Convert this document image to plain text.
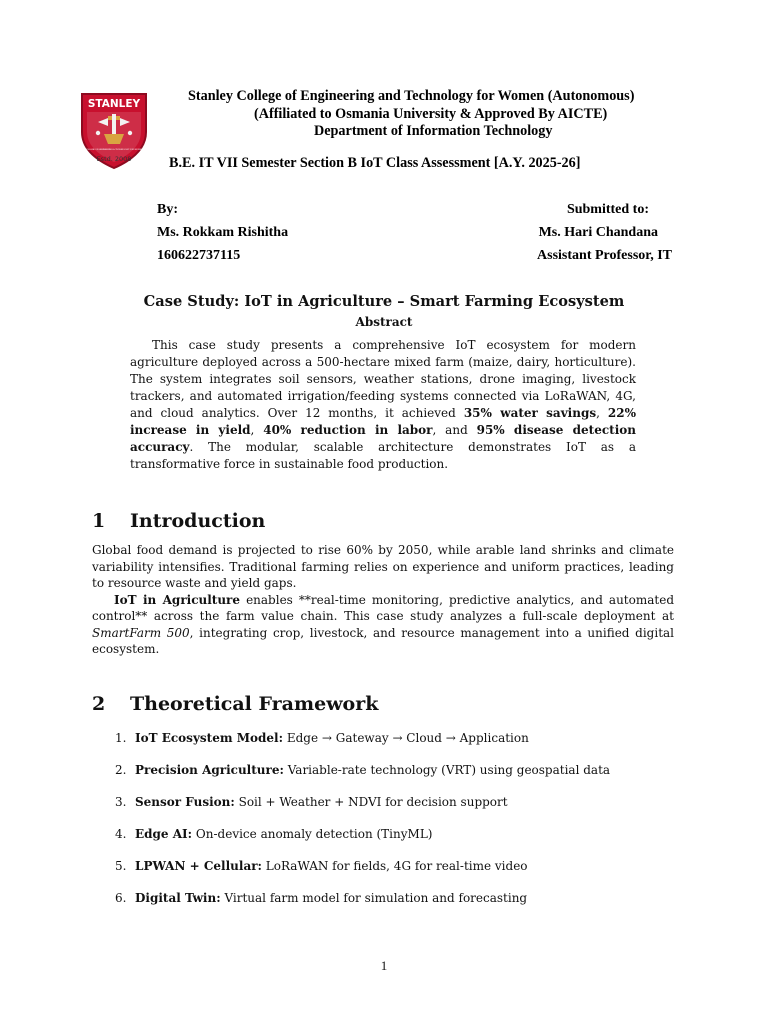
STANLEY
COLLEGE OF ENGINEERING & TECHNOLOGY FOR WOMEN
Estd. 2008
Stanley College of Engineering and Technology for Women (Autonomous)
(Affiliated to Osmania University & Approved By AICTE)
Department of Information Technology
B.E. IT VII Semester Section B IoT Class Assessment [A.Y. 2025-26]
By:
Ms. Rokkam Rishitha
160622737115
Submitted to:
Ms. Hari Chandana
Assistant Professor, IT
Case Study: IoT in Agriculture – Smart Farming Ecosystem
Abstract

This case study presents a comprehensive IoT ecosystem for modern agriculture deployed across a 500-hectare mixed farm (maize, dairy, horticulture). The system integrates soil sensors, weather stations, drone imaging, livestock trackers, and automated irrigation/feeding systems connected via LoRaWAN, 4G, and cloud analytics. Over 12 months, it achieved 35% water savings, 22% increase in yield, 40% reduction in labor, and 95% disease detection accuracy. The modular, scalable architecture demonstrates IoT as a transformative force in sustainable food production.

1 Introduction

Global food demand is projected to rise 60% by 2050, while arable land shrinks and climate variability intensifies. Traditional farming relies on experience and uniform practices, leading to resource waste and yield gaps.

IoT in Agriculture enables **real-time monitoring, predictive analytics, and automated control** across the farm value chain. This case study analyzes a full-scale deployment at SmartFarm 500, integrating crop, livestock, and resource management into a unified digital ecosystem.

2 Theoretical Framework
1. IoT Ecosystem Model: Edge → Gateway → Cloud → Application
2. Precision Agriculture: Variable-rate technology (VRT) using geospatial data
3. Sensor Fusion: Soil + Weather + NDVI for decision support
4. Edge AI: On-device anomaly detection (TinyML)
5. LPWAN + Cellular: LoRaWAN for fields, 4G for real-time video
6. Digital Twin: Virtual farm model for simulation and forecasting
1
